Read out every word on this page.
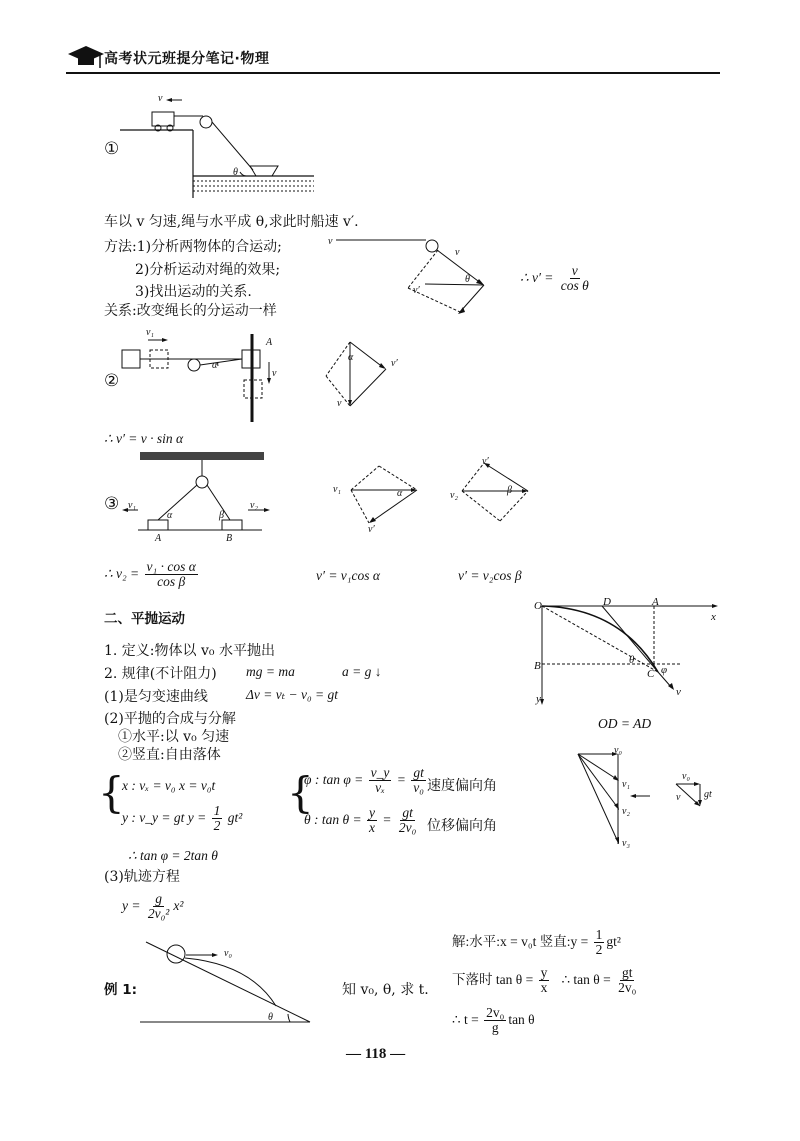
高考状元班提分笔记·物理
①
v
θ
车以 v 匀速,绳与水平成 θ,求此时船速 v′.
方法:1)分析两物体的合运动;
2)分析运动对绳的效果;
3)找出运动的关系.
关系:改变绳长的分运动一样
v
v
v′
θ	∴ $v' = \frac{v}{\text{cos θ}}$
②
v₁
A
α
v
α
v′
v
∴ v′ = v · sin α
③ v₁	v₂
α	β
A	B
v₁	α
v′
v′
v₂	β
∴ $v_2 = \frac{\text{v₁ · cos α}}{\text{cos β}}$	v′ = v₁cos α	v′ = v₂cos β
二、平抛运动
1. 定义:物体以 v₀ 水平抛出
2. 规律(不计阻力) mg = ma	a = g ↓
(1)是匀变速曲线	Δv = vₜ − v₀ = gt
(2)平抛的合成与分解
①水平:以 v₀ 匀速
②竖直:自由落体
O	D	A
x
B
y
θ
φ
C
v
OD = AD
v₀
v₁
v₂
v₃
v₀
v gt
{
x : vₓ = v₀ x = v₀t
y : v_y = gt $y = \frac{1}{2} gt^2$
{
φ : $\tan \varphi = \frac{v\_y}{\text{vₓ}} = \frac{gt}{\text{v₀}}$ 速度偏向角
θ : $\tan \theta = \frac{y}{x} = \frac{gt}{\text{2v₀}}$ 位移偏向角
∴ tan φ = 2tan θ
(3)轨迹方程
$y = \frac{g}{\text{2v₀²}} x^2$
v₀
θ
例 1:	知 v₀, θ, 求 t.
解:水平:x = v₀t 竖直:y = $\frac{1}{2} gt^2$
下落时 $\tan \theta = \frac{y}{x}$ ∴ $\tan \theta = \frac{gt}{\text{2v₀}}$
∴ $t = \frac{\text{2v₀}}{g}$ tan θ
— 118 —
